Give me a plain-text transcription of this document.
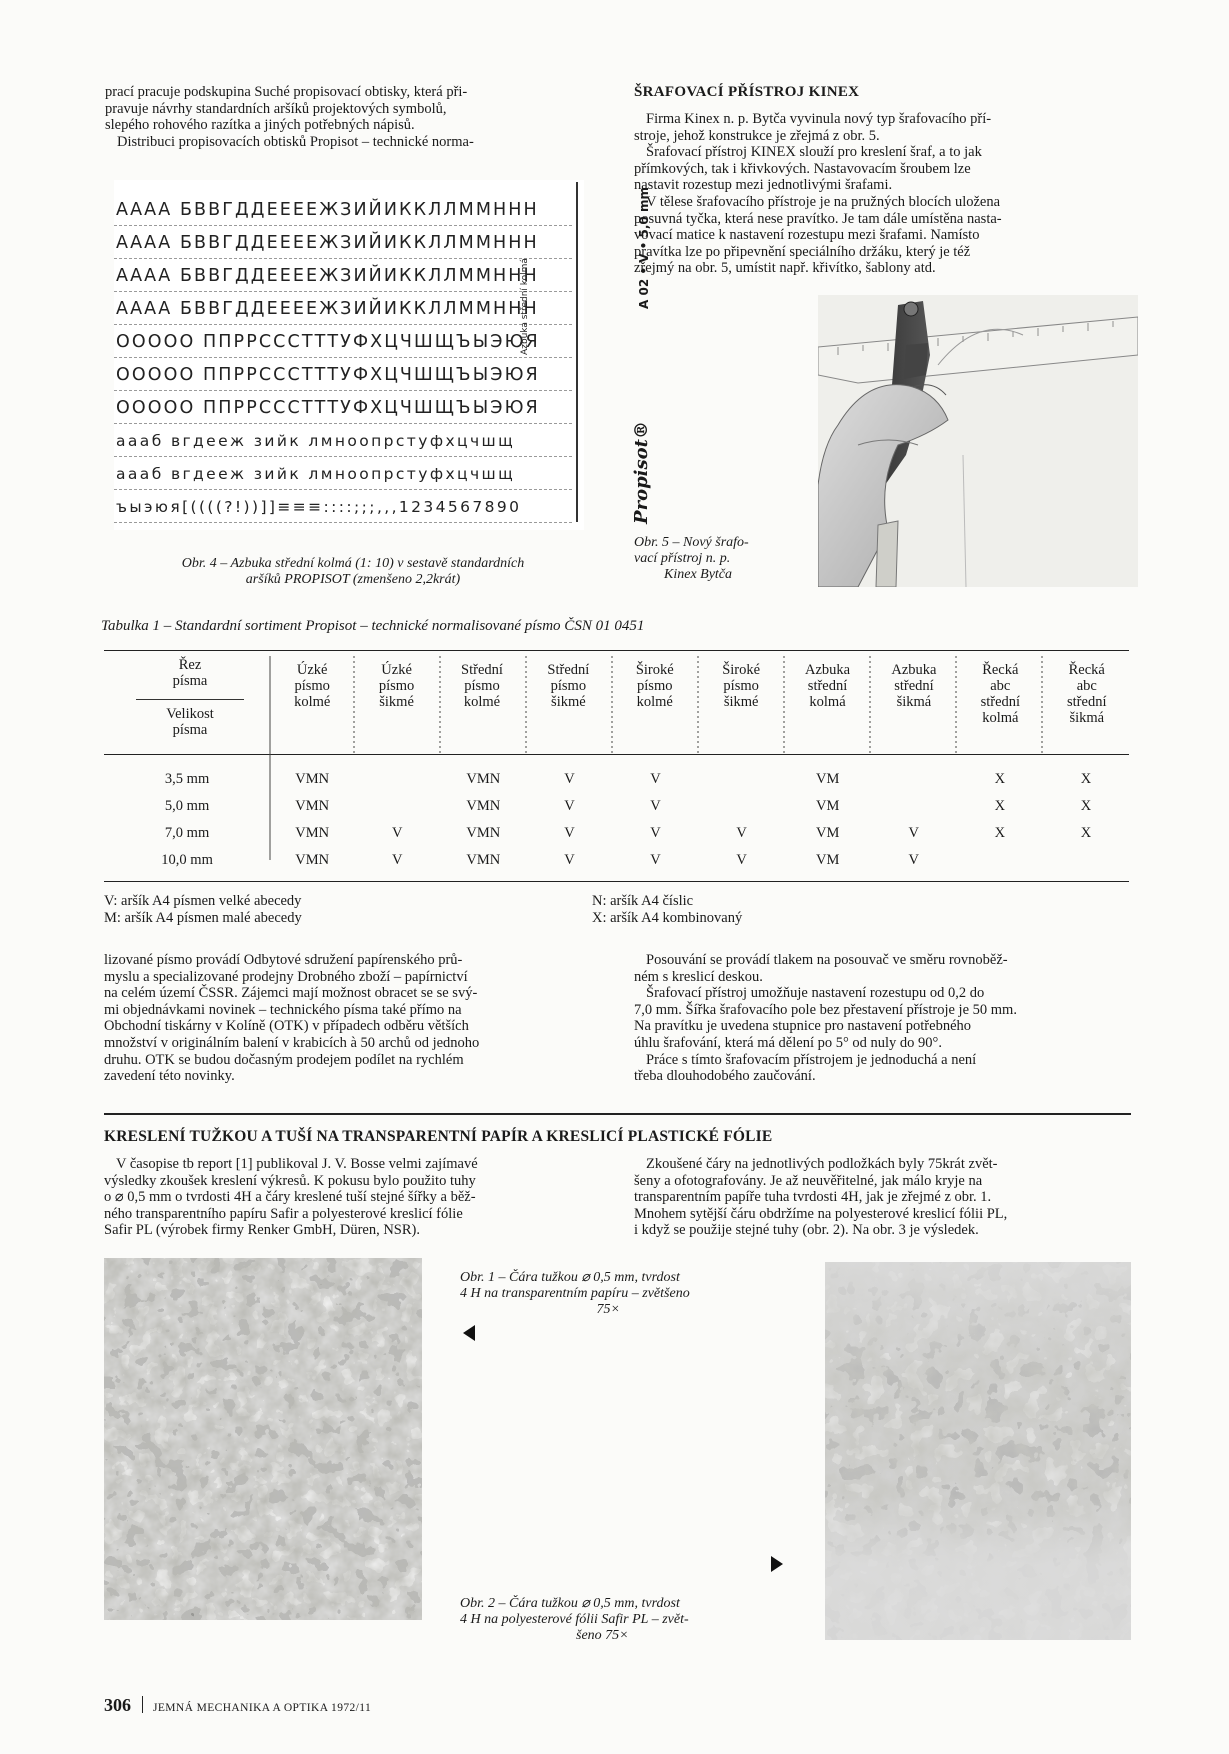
prací pracuje podskupina Suché propisovací obtisky, která při-

pravuje návrhy standardních aršíků projektových symbolů,

slepého rohového razítka a jiných potřebných nápisů.

Distribuci propisovacích obtisků Propisot – technické norma-

АААА БВВГДДЕЕЕЕЖЗИЙИККЛЛММННН
АААА БВВГДДЕЕЕЕЖЗИЙИККЛЛММННН
АААА БВВГДДЕЕЕЕЖЗИЙИККЛЛММННН
АААА БВВГДДЕЕЕЕЖЗИЙИККЛЛММННН
ООООО ППРРСССТТТУФХЦЧШЩЪЫЭЮЯ
ООООО ППРРСССТТТУФХЦЧШЩЪЫЭЮЯ
ООООО ППРРСССТТТУФХЦЧШЩЪЫЭЮЯ
аааб вгдееж зийк лмноопрстуфхцчшщ
аааб вгдееж зийк лмноопрстуфхцчшщ
ъыэюя[((((?!))]]≡≡≡::::;;;‚‚‚1234567890
A 02 • V • 5,0 mm
Azbuka střední kolmá
Propisot®
Obr. 4 – Azbuka střední kolmá (1: 10) v sestavě standardních
aršíků PROPISOT (zmenšeno 2,2krát)
ŠRAFOVACÍ PŘÍSTROJ KINEX

Firma Kinex n. p. Bytča vyvinula nový typ šrafovacího pří-

stroje, jehož konstrukce je zřejmá z obr. 5.

Šrafovací přístroj KINEX slouží pro kreslení šraf, a to jak

přímkových, tak i křivkových. Nastavovacím šroubem lze

nastavit rozestup mezi jednotlivými šrafami.

V tělese šrafovacího přístroje je na pružných blocích uložena

posuvná tyčka, která nese pravítko. Je tam dále umístěna nasta-

vovací matice k nastavení rozestupu mezi šrafami. Namísto

pravítka lze po připevnění speciálního držáku, který je též

zřejmý na obr. 5, umístit např. křivítko, šablony atd.

Obr. 5 – Nový šrafo-
vací přístroj n. p.
Kinex Bytča
Tabulka 1 – Standardní sortiment Propisot – technické normalisované písmo ČSN 01 0451
Řez
písma
Velikost
písma
Úzké
písmo
kolmé

Úzké
písmo
šikmé

Střední
písmo
kolmé

Střední
písmo
šikmé

Široké
písmo
kolmé

Široké
písmo
šikmé

Azbuka
střední
kolmá

Azbuka
střední
šikmá

Řecká
abc
střední
kolmá

Řecká
abc
střední
šikmá
3,5 mm	VMN		VMN	V	V		VM		X	X
5,0 mm	VMN		VMN	V	V		VM		X	X
7,0 mm	VMN	V	VMN	V	V	V	VM	V	X	X
10,0 mm	VMN	V	VMN	V	V	V	VM	V		

V: aršík A4 písmen velké abecedy

M: aršík A4 písmen malé abecedy

N: aršík A4 číslic

X: aršík A4 kombinovaný

lizované písmo provádí Odbytové sdružení papírenského prů-

myslu a specializované prodejny Drobného zboží – papírnictví

na celém území ČSSR. Zájemci mají možnost obracet se se svý-

mi objednávkami novinek – technického písma také přímo na

Obchodní tiskárny v Kolíně (OTK) v případech odběru větších

množství v originálním balení v krabicích à 50 archů od jednoho

druhu. OTK se budou dočasným prodejem podílet na rychlém

zavedení této novinky.

Posouvání se provádí tlakem na posouvač ve směru rovnoběž-

ném s kreslicí deskou.

Šrafovací přístroj umožňuje nastavení rozestupu od 0,2 do

7,0 mm. Šířka šrafovacího pole bez přestavení přístroje je 50 mm.

Na pravítku je uvedena stupnice pro nastavení potřebného

úhlu šrafování, která má dělení po 5° od nuly do 90°.

Práce s tímto šrafovacím přístrojem je jednoduchá a není

třeba dlouhodobého zaučování.

KRESLENÍ TUŽKOU A TUŠÍ NA TRANSPARENTNÍ PAPÍR A KRESLICÍ PLASTICKÉ FÓLIE

V časopise tb report [1] publikoval J. V. Bosse velmi zajímavé

výsledky zkoušek kreslení výkresů. K pokusu bylo použito tuhy

o ⌀ 0,5 mm o tvrdosti 4H a čáry kreslené tuší stejné šířky a běž-

ného transparentního papíru Safir a polyesterové kreslicí fólie

Safir PL (výrobek firmy Renker GmbH, Düren, NSR).

Zkoušené čáry na jednotlivých podložkách byly 75krát zvět-

šeny a ofotografovány. Je až neuvěřitelné, jak málo kryje na

transparentním papíře tuha tvrdosti 4H, jak je zřejmé z obr. 1.

Mnohem sytější čáru obdržíme na polyesterové kreslicí fólii PL,

i když se použije stejné tuhy (obr. 2). Na obr. 3 je výsledek.

Obr. 1 – Čára tužkou ⌀ 0,5 mm, tvrdost
4 H na transparentním papíru – zvětšeno
75×
Obr. 2 – Čára tužkou ⌀ 0,5 mm, tvrdost
4 H na polyesterové fólii Safir PL – zvět-
šeno 75×
306 JEMNÁ MECHANIKA A OPTIKA 1972/11
